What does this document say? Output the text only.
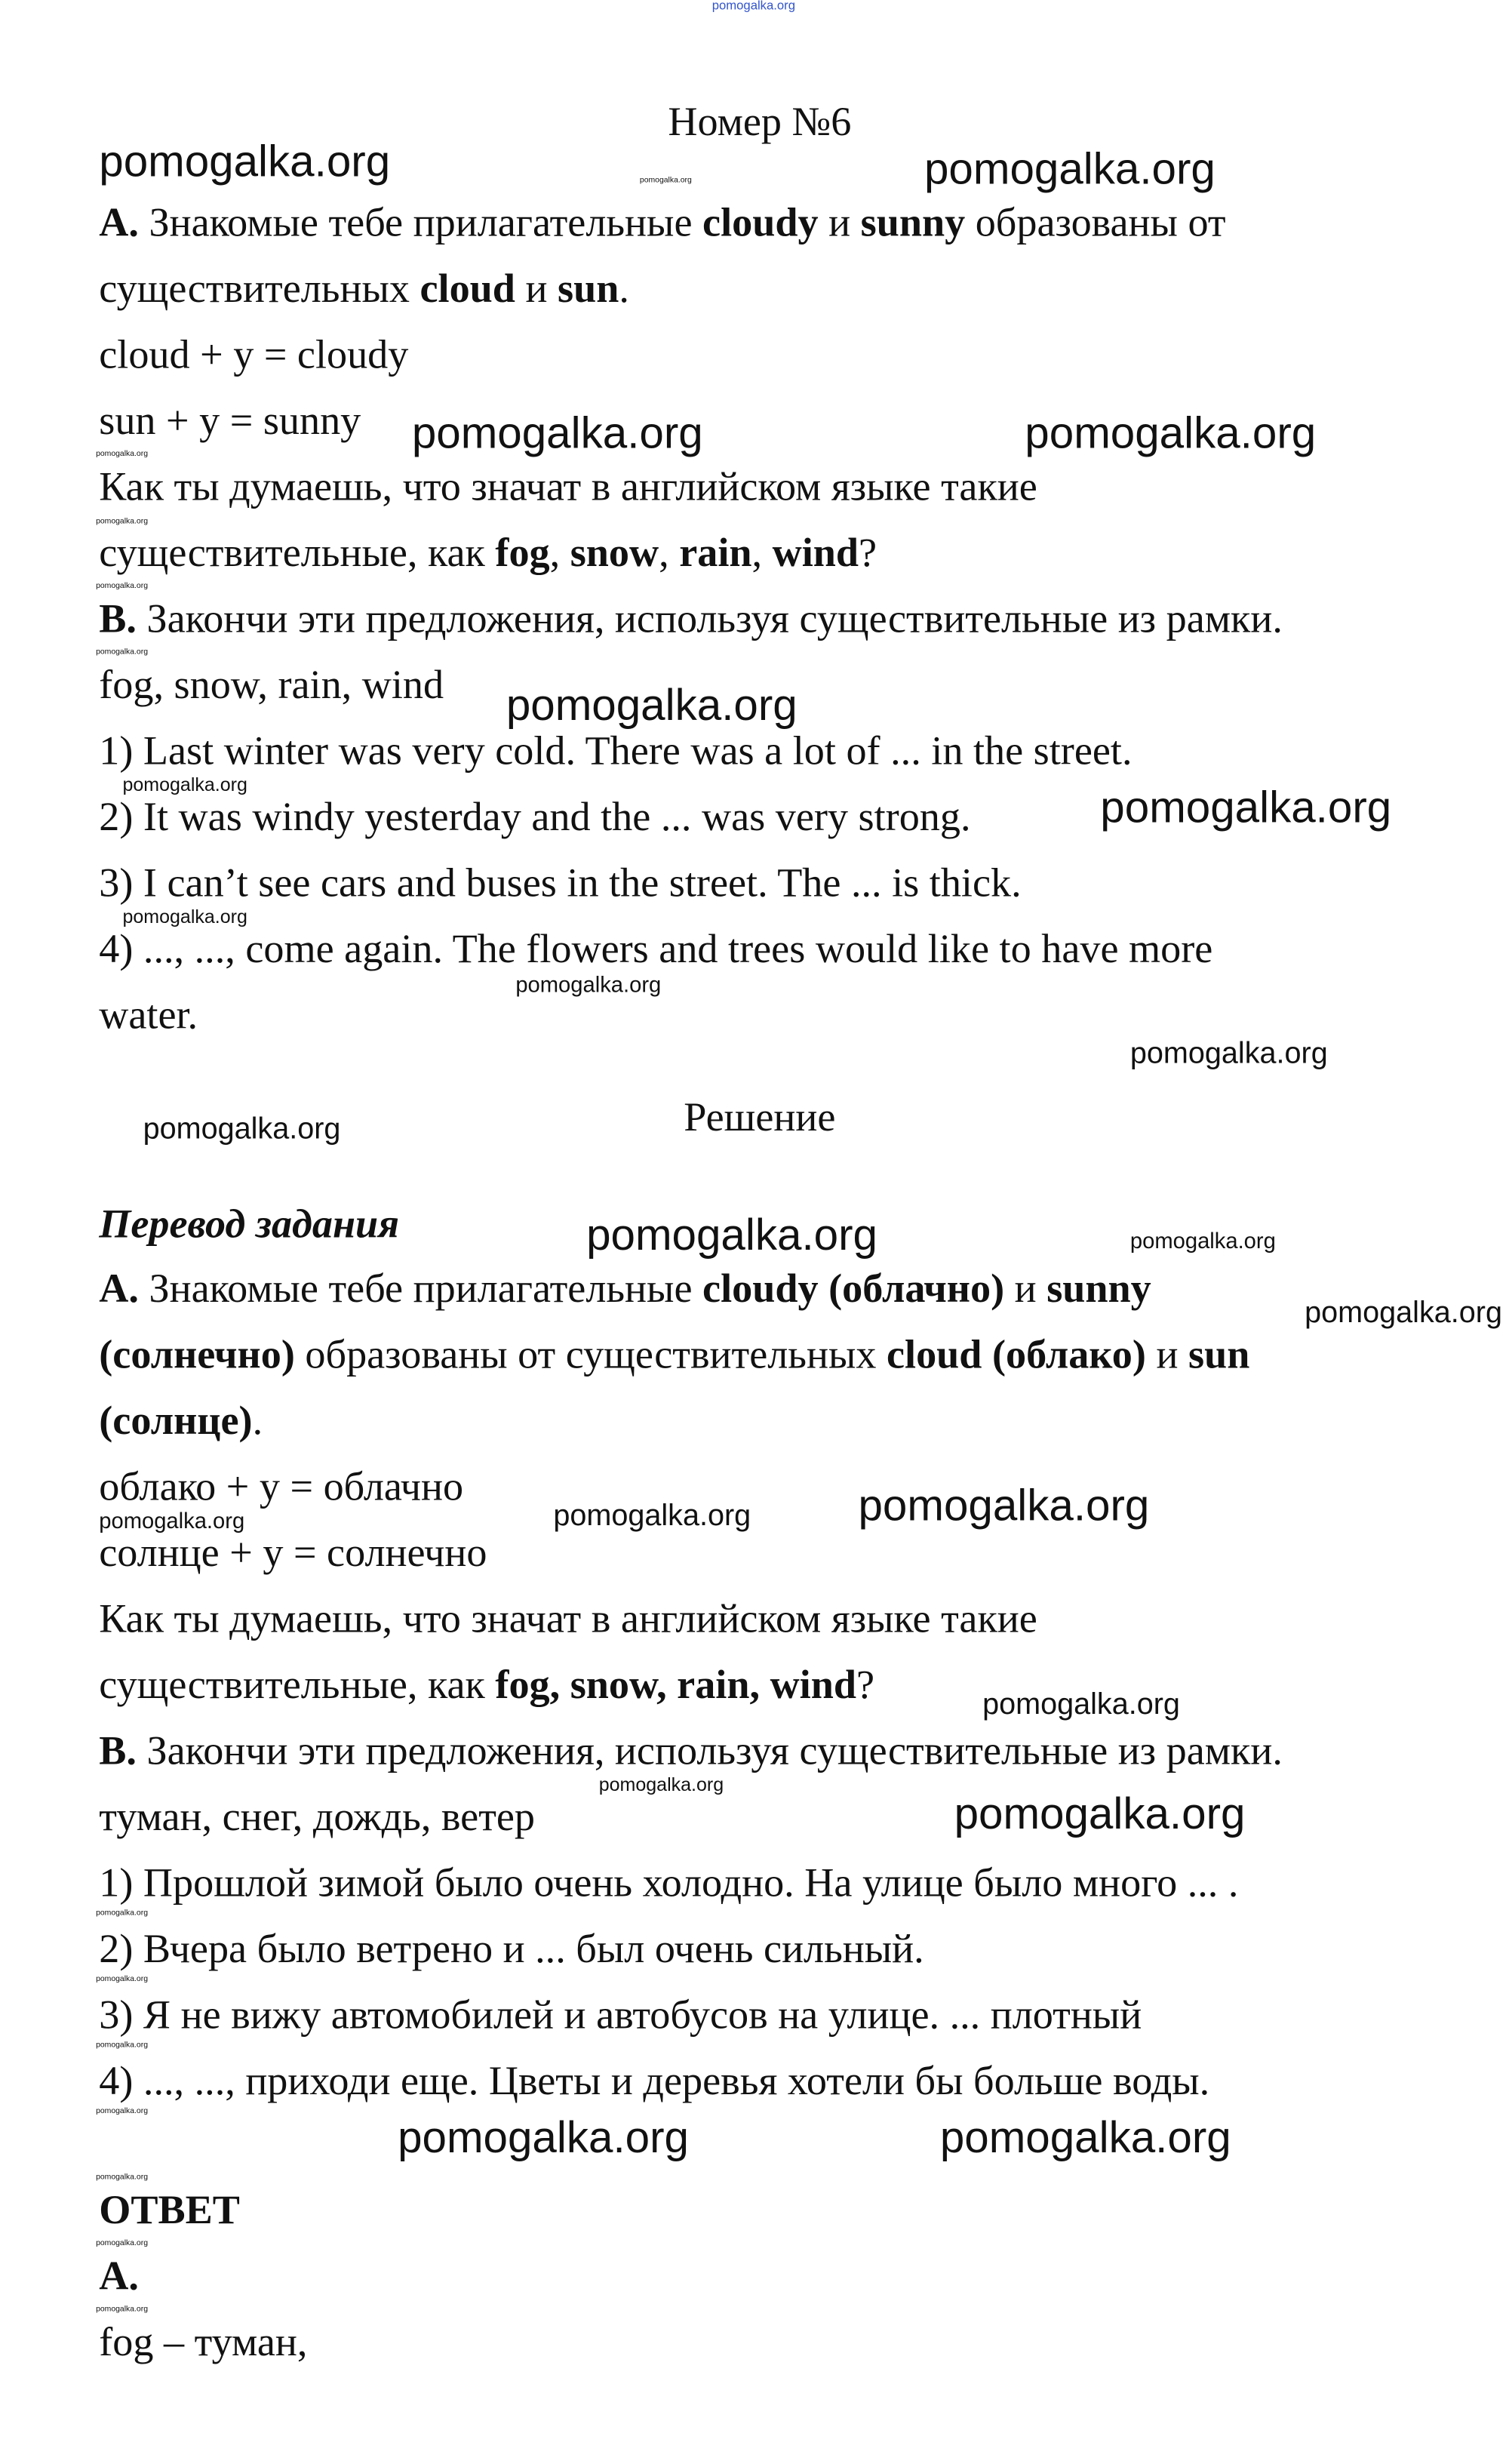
pomogalka.org
Номер №6
A. Знакомые тебе прилагательные cloudy и sunny образованы от
существительных cloud и sun.
cloud + y = cloudy
sun + y = sunny
Как ты думаешь, что значат в английском языке такие
существительные, как fog, snow, rain, wind?
B. Закончи эти предложения, используя существительные из рамки.
fog, snow, rain, wind
1) Last winter was very cold. There was a lot of ... in the street.
2) It was windy yesterday and the ... was very strong.
3) I can’t see cars and buses in the street. The ... is thick.
4) ..., ..., come again. The flowers and trees would like to have more
water.
Решение
Перевод задания
A. Знакомые тебе прилагательные cloudy (облачно) и sunny
(солнечно) образованы от существительных cloud (облако) и sun
(солнце).
облако + y = облачно
солнце + y = солнечно
Как ты думаешь, что значат в английском языке такие
существительные, как fog, snow, rain, wind?
B. Закончи эти предложения, используя существительные из рамки.
туман, снег, дождь, ветер
1) Прошлой зимой было очень холодно. На улице было много ... .
2) Вчера было ветрено и ... был очень сильный.
3) Я не вижу автомобилей и автобусов на улице. ... плотный
4) ..., ..., приходи еще. Цветы и деревья хотели бы больше воды.
ОТВЕТ
A.
fog – туман,
pomogalka.org	pomogalka.org
pomogalka.org	pomogalka.org
pomogalka.org
pomogalka.org
pomogalka.org
pomogalka.org
pomogalka.org
pomogalka.org	pomogalka.org
pomogalka.org
pomogalka.org
pomogalka.org
pomogalka.org
pomogalka.org
pomogalka.org
pomogalka.org
pomogalka.org	pomogalka.org
pomogalka.org
pomogalka.org
pomogalka.org
pomogalka.org
pomogalka.org
pomogalka.org
pomogalka.org
pomogalka.org
pomogalka.org
pomogalka.org
pomogalka.org
pomogalka.org
pomogalka.org
pomogalka.org
